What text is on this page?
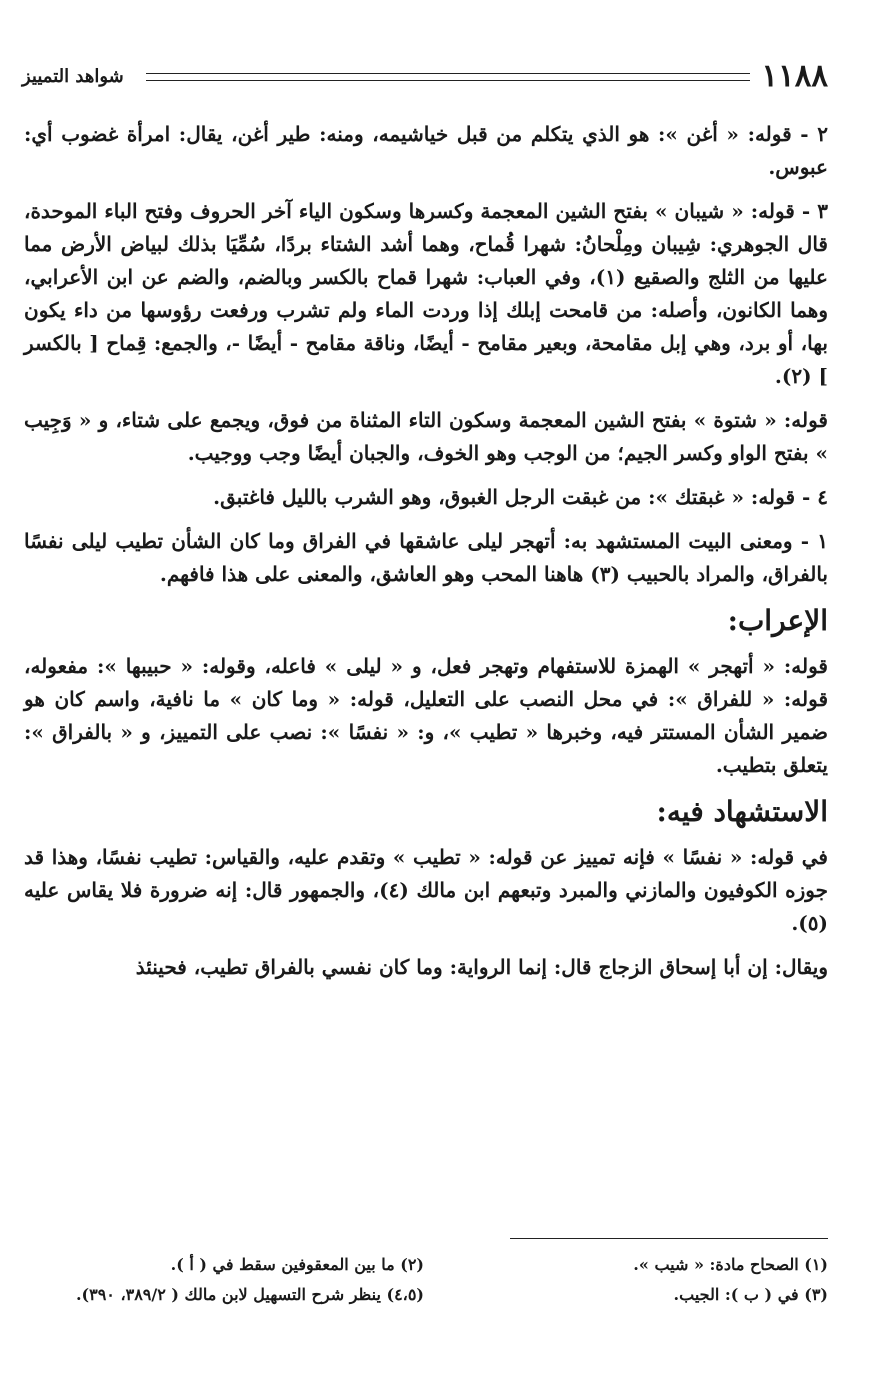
١١٨٨
شواهد التمييز

٢ - قوله: « أغن »: هو الذي يتكلم من قبل خياشيمه، ومنه: طير أغن، يقال: امرأة غضوب أي: عبوس.

٣ - قوله: « شيبان » بفتح الشين المعجمة وكسرها وسكون الياء آخر الحروف وفتح الباء الموحدة، قال الجوهري: شِيبان ومِلْحانُ: شهرا قُماح، وهما أشد الشتاء بردًا، سُمِّيَا بذلك لبياض الأرض مما عليها من الثلج والصقيع (١)، وفي العباب: شهرا قماح بالكسر وبالضم، والضم عن ابن الأعرابي، وهما الكانون، وأصله: من قامحت إبلك إذا وردت الماء ولم تشرب ورفعت رؤوسها من داء يكون بها، أو برد، وهي إبل مقامحة، وبعير مقامح - أيضًا، وناقة مقامح - أيضًا -، والجمع: قِماح [ بالكسر ] (٢).

قوله: « شتوة » بفتح الشين المعجمة وسكون التاء المثناة من فوق، ويجمع على شتاء، و « وَجِيب » بفتح الواو وكسر الجيم؛ من الوجب وهو الخوف، والجبان أيضًا وجب ووجيب.

٤ - قوله: « غبقتك »: من غبقت الرجل الغبوق، وهو الشرب بالليل فاغتبق.

١ - ومعنى البيت المستشهد به: أتهجر ليلى عاشقها في الفراق وما كان الشأن تطيب ليلى نفسًا بالفراق، والمراد بالحبيب (٣) هاهنا المحب وهو العاشق، والمعنى على هذا فافهم.

الإعراب:

قوله: « أتهجر » الهمزة للاستفهام وتهجر فعل، و « ليلى » فاعله، وقوله: « حبيبها »: مفعوله، قوله: « للفراق »: في محل النصب على التعليل، قوله: « وما كان » ما نافية، واسم كان هو ضمير الشأن المستتر فيه، وخبرها « تطيب »، و: « نفسًا »: نصب على التمييز، و « بالفراق »: يتعلق بتطيب.

الاستشهاد فيه:

في قوله: « نفسًا » فإنه تمييز عن قوله: « تطيب » وتقدم عليه، والقياس: تطيب نفسًا، وهذا قد جوزه الكوفيون والمازني والمبرد وتبعهم ابن مالك (٤)، والجمهور قال: إنه ضرورة فلا يقاس عليه (٥).

ويقال: إن أبا إسحاق الزجاج قال: إنما الرواية: وما كان نفسي بالفراق تطيب، فحينئذ

(١) الصحاح مادة: « شيب ».
(٢) ما بين المعقوفين سقط في ( أ ).
(٣) في ( ب ): الجيب.
(٤،٥) ينظر شرح التسهيل لابن مالك ( ٣٨٩/٢، ٣٩٠).
